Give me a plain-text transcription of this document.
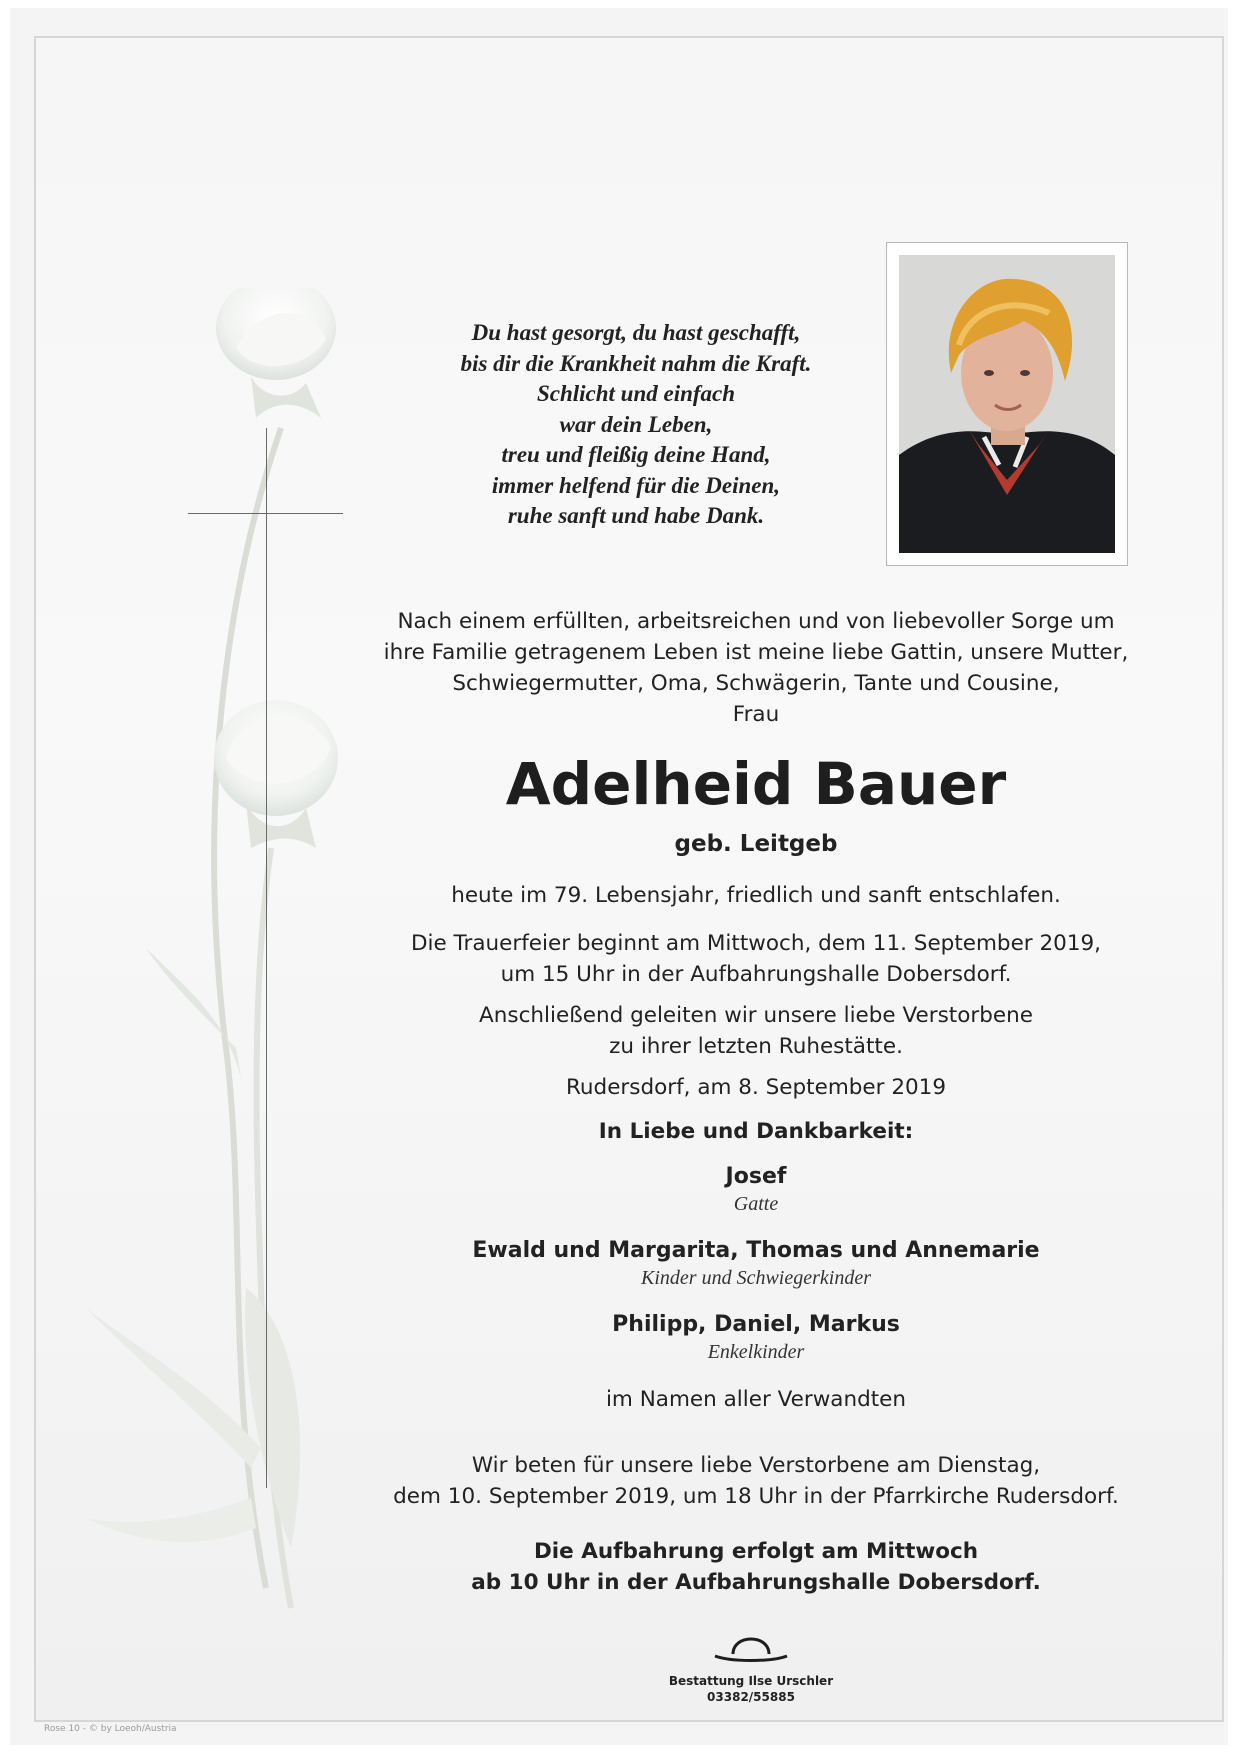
Du hast gesorgt, du hast geschafft,
bis dir die Krankheit nahm die Kraft.
Schlicht und einfach
war dein Leben,
treu und fleißig deine Hand,
immer helfend für die Deinen,
ruhe sanft und habe Dank.
Nach einem erfüllten, arbeitsreichen und von liebevoller Sorge um
ihre Familie getragenem Leben ist meine liebe Gattin, unsere Mutter,
Schwiegermutter, Oma, Schwägerin, Tante und Cousine,
Frau
Adelheid Bauer
geb. Leitgeb
heute im 79. Lebensjahr, friedlich und sanft entschlafen.
Die Trauerfeier beginnt am Mittwoch, dem 11. September 2019,
um 15 Uhr in der Aufbahrungshalle Dobersdorf.
Anschließend geleiten wir unsere liebe Verstorbene
zu ihrer letzten Ruhestätte.
Rudersdorf, am 8. September 2019
In Liebe und Dankbarkeit:
Josef
Gatte
Ewald und Margarita, Thomas und Annemarie
Kinder und Schwiegerkinder
Philipp, Daniel, Markus
Enkelkinder
im Namen aller Verwandten
Wir beten für unsere liebe Verstorbene am Dienstag,
dem 10. September 2019, um 18 Uhr in der Pfarrkirche Rudersdorf.
Die Aufbahrung erfolgt am Mittwoch
ab 10 Uhr in der Aufbahrungshalle Dobersdorf.
Bestattung Ilse Urschler
03382/55885
Rose 10 - © by Loeoh/Austria
